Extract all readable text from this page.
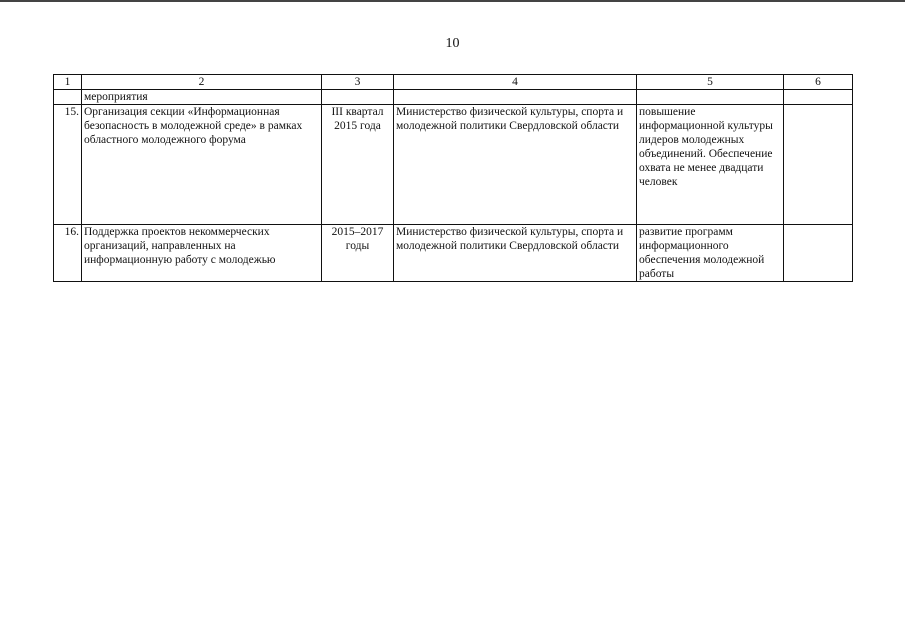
10
1	2	3	4	5	6
	мероприятия				
15.	Организация секции «Информационная безопасность в молодежной среде» в рамках областного молодежного форума	III квартал 2015 года	Министерство физической культуры, спорта и молодежной политики Свердловской области	повышение информационной культуры лидеров молодежных объединений. Обеспечение охвата не менее двадцати человек	
16.	Поддержка проектов некоммерческих организаций, направленных на информационную работу с молодежью	2015–2017 годы	Министерство физической культуры, спорта и молодежной политики Свердловской области	развитие программ информационного обеспечения молодежной работы	
